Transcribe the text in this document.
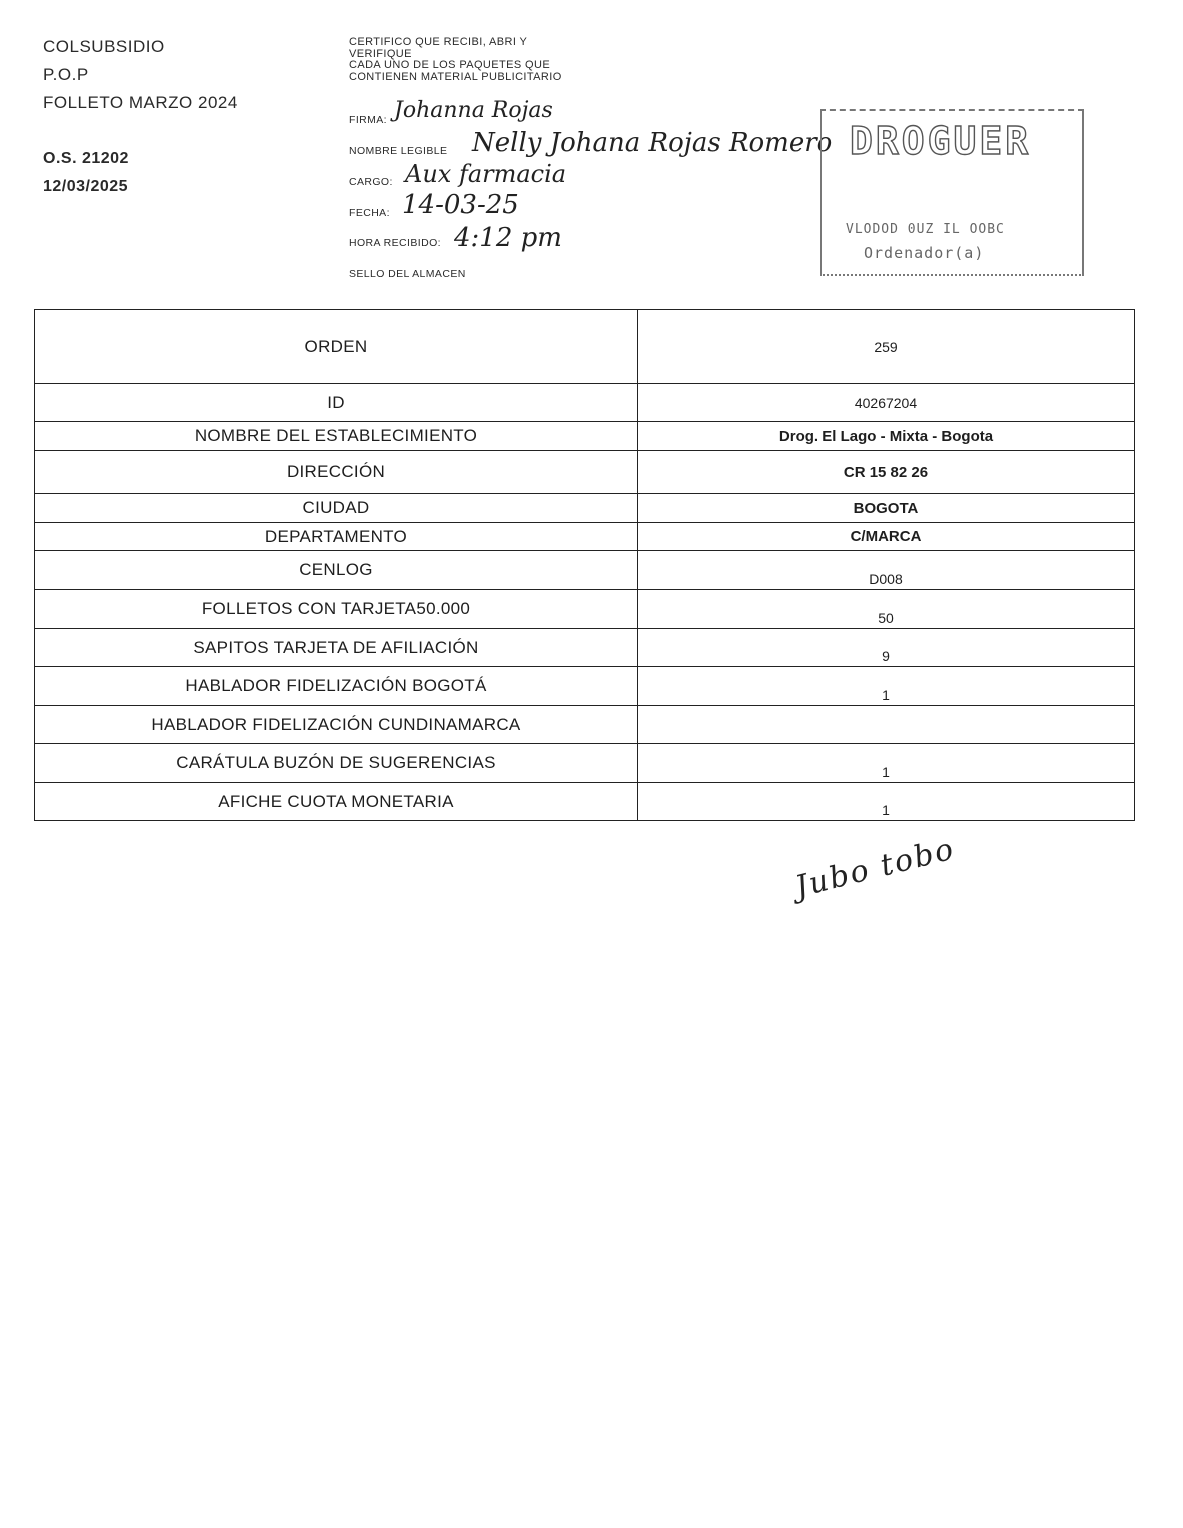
COLSUBSIDIO
P.O.P
FOLLETO MARZO 2024
O.S. 21202
12/03/2025
CERTIFICO QUE RECIBI, ABRI Y
VERIFIQUE
CADA UNO DE LOS PAQUETES QUE
CONTIENEN MATERIAL PUBLICITARIO
FIRMA: Johanna Rojas
NOMBRE LEGIBLE Nelly Johana Rojas Romero
CARGO: Aux farmacia
FECHA: 14-03-25
HORA RECIBIDO: 4:12 pm
SELLO DEL ALMACEN
DROGUER
VLODOD 0UZ IL OOBC
Ordenador(a)
ORDEN	259
ID	40267204
NOMBRE DEL ESTABLECIMIENTO	Drog. El Lago - Mixta - Bogota
DIRECCIÓN	CR 15 82 26
CIUDAD	BOGOTA
DEPARTAMENTO	C/MARCA
CENLOG	D008
FOLLETOS CON TARJETA50.000	50
SAPITOS TARJETA DE AFILIACIÓN	9
HABLADOR FIDELIZACIÓN BOGOTÁ	1
HABLADOR FIDELIZACIÓN CUNDINAMARCA	
CARÁTULA BUZÓN DE SUGERENCIAS	1
AFICHE CUOTA MONETARIA	1
Jubo tobo
